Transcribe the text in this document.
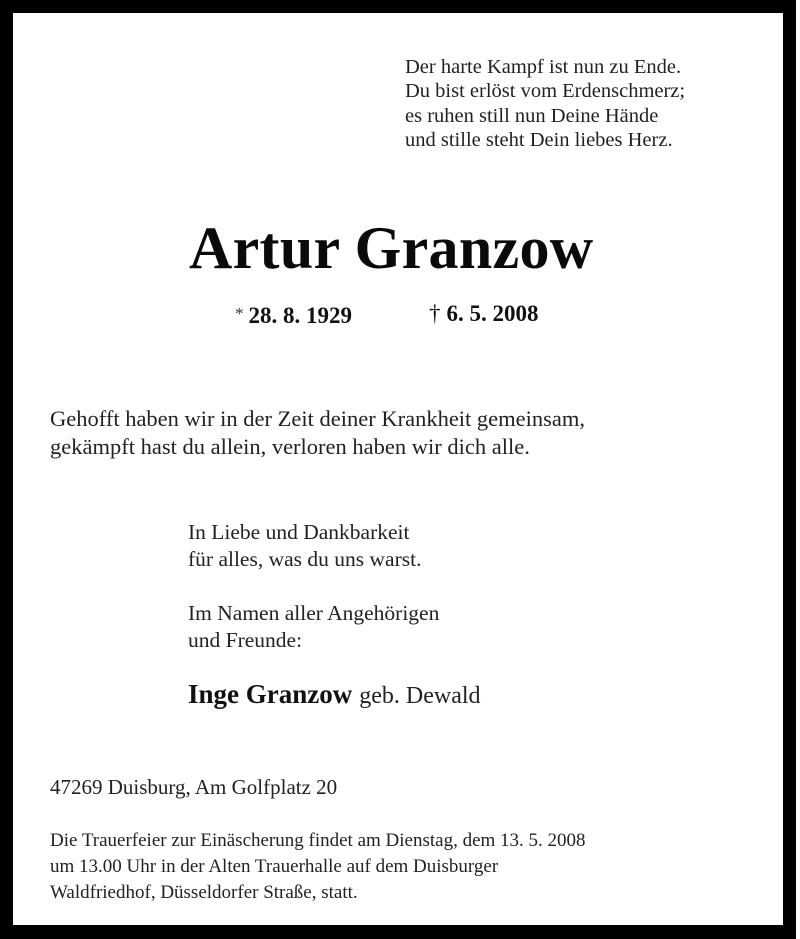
Der harte Kampf ist nun zu Ende.
Du bist erlöst vom Erdenschmerz;
es ruhen still nun Deine Hände
und stille steht Dein liebes Herz.
Artur Granzow
* 28. 8. 1929	† 6. 5. 2008
Gehofft haben wir in der Zeit deiner Krankheit gemeinsam,
gekämpft hast du allein, verloren haben wir dich alle.
In Liebe und Dankbarkeit
für alles, was du uns warst.
Im Namen aller Angehörigen
und Freunde:
Inge Granzow geb. Dewald
47269 Duisburg, Am Golfplatz 20
Die Trauerfeier zur Einäscherung findet am Dienstag, dem 13. 5. 2008
um 13.00 Uhr in der Alten Trauerhalle auf dem Duisburger
Waldfriedhof, Düsseldorfer Straße, statt.
